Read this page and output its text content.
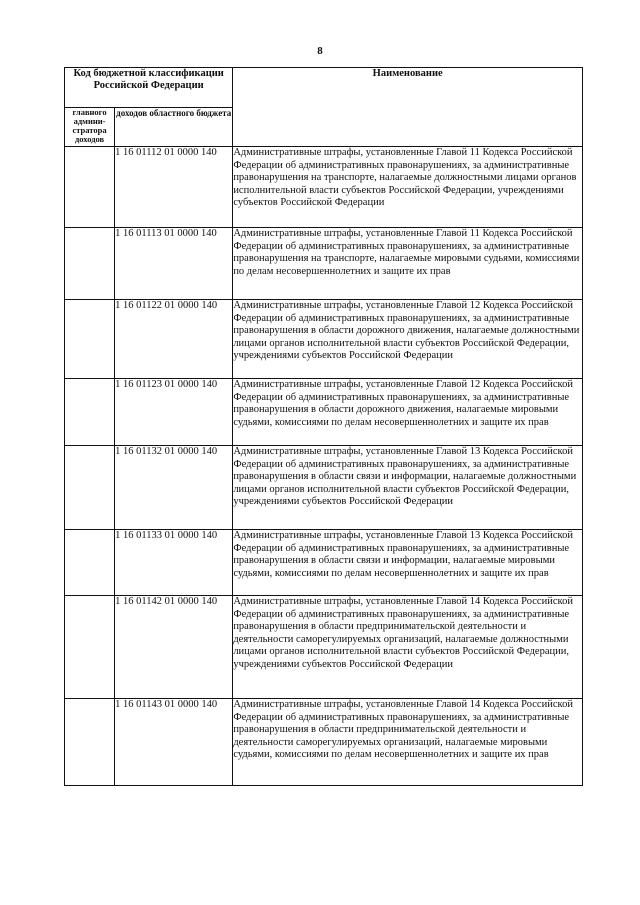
8
Код бюджетной классификации Российской Федерации		Наименование
главного админи-стратора доходов	доходов областного бюджета	
	1 16 01112 01 0000 140	Административные штрафы, установленные Главой 11 Кодекса Российской Федерации об административных правонарушениях, за административные правонарушения на транспорте, налагаемые должностными лицами органов исполнительной власти субъектов Российской Федерации, учреждениями субъектов Российской Федерации
	1 16 01113 01 0000 140	Административные штрафы, установленные Главой 11 Кодекса Российской Федерации об административных правонарушениях, за административные правонарушения на транспорте, налагаемые мировыми судьями, комиссиями по делам несовершеннолетних и защите их прав
	1 16 01122 01 0000 140	Административные штрафы, установленные Главой 12 Кодекса Российской Федерации об административных правонарушениях, за административные правонарушения в области дорожного движения, налагаемые должностными лицами органов исполнительной власти субъектов Российской Федерации, учреждениями субъектов Российской Федерации
	1 16 01123 01 0000 140	Административные штрафы, установленные Главой 12 Кодекса Российской Федерации об административных правонарушениях, за административные правонарушения в области дорожного движения, налагаемые мировыми судьями, комиссиями по делам несовершеннолетних и защите их прав
	1 16 01132 01 0000 140	Административные штрафы, установленные Главой 13 Кодекса Российской Федерации об административных правонарушениях, за административные правонарушения в области связи и информации, налагаемые должностными лицами органов исполнительной власти субъектов Российской Федерации, учреждениями субъектов Российской Федерации
	1 16 01133 01 0000 140	Административные штрафы, установленные Главой 13 Кодекса Российской Федерации об административных правонарушениях, за административные правонарушения в области связи и информации, налагаемые мировыми судьями, комиссиями по делам несовершеннолетних и защите их прав
	1 16 01142 01 0000 140	Административные штрафы, установленные Главой 14 Кодекса Российской Федерации об административных правонарушениях, за административные правонарушения в области предпринимательской деятельности и деятельности саморегулируемых организаций, налагаемые должностными лицами органов исполнительной власти субъектов Российской Федерации, учреждениями субъектов Российской Федерации
	1 16 01143 01 0000 140	Административные штрафы, установленные Главой 14 Кодекса Российской Федерации об административных правонарушениях, за административные правонарушения в области предпринимательской деятельности и деятельности саморегулируемых организаций, налагаемые мировыми судьями, комиссиями по делам несовершеннолетних и защите их прав
